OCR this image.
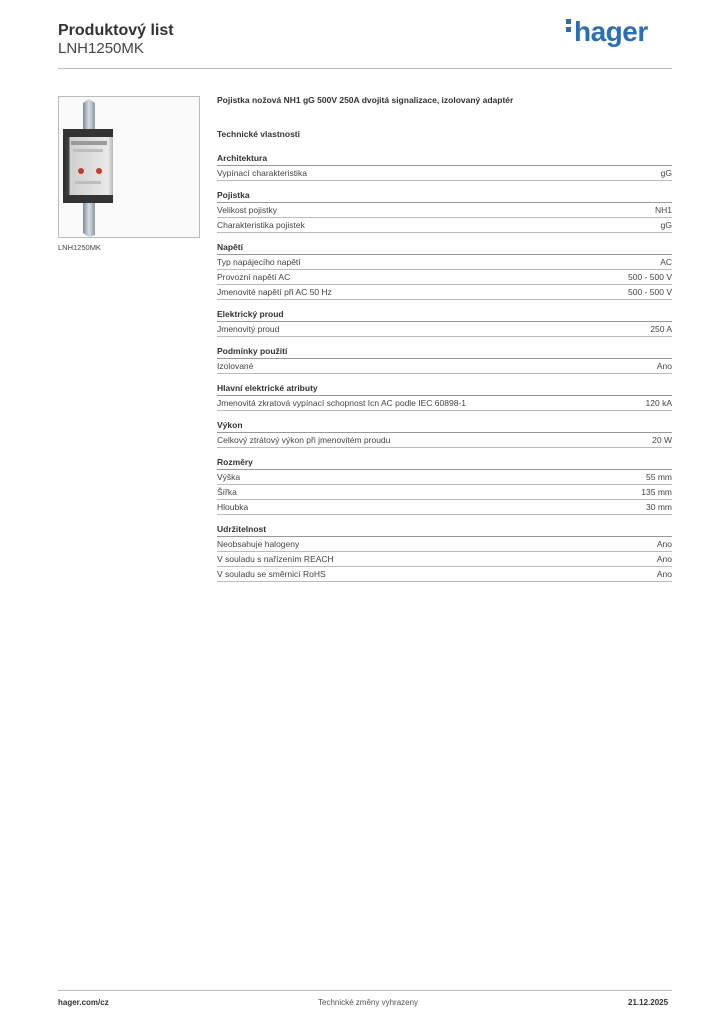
Produktový list
LNH1250MK
hager
LNH1250MK
Pojistka nožová NH1 gG 500V 250A dvojitá signalizace, izolovaný adaptér
Technické vlastnosti
Architektura
Vypínací charakteristika	gG
Pojistka
Velikost pojistky	NH1
Charakteristika pojistek	gG
Napětí
Typ napájecího napětí	AC
Provozní napětí AC	500 - 500 V
Jmenovité napětí při AC 50 Hz	500 - 500 V
Elektrický proud
Jmenovitý proud	250 A
Podmínky použití
Izolované	Ano
Hlavní elektrické atributy
Jmenovitá zkratová vypínací schopnost Icn AC podle IEC 60898-1	120 kA
Výkon
Celkový ztrátový výkon při jmenovitém proudu	20 W
Rozměry
Výška	55 mm
Šířka	135 mm
Hloubka	30 mm
Udržitelnost
Neobsahuje halogeny	Ano
V souladu s nařízením REACH	Ano
V souladu se směrnicí RoHS	Ano
hager.com/cz	Technické změny vyhrazeny	21.12.2025
